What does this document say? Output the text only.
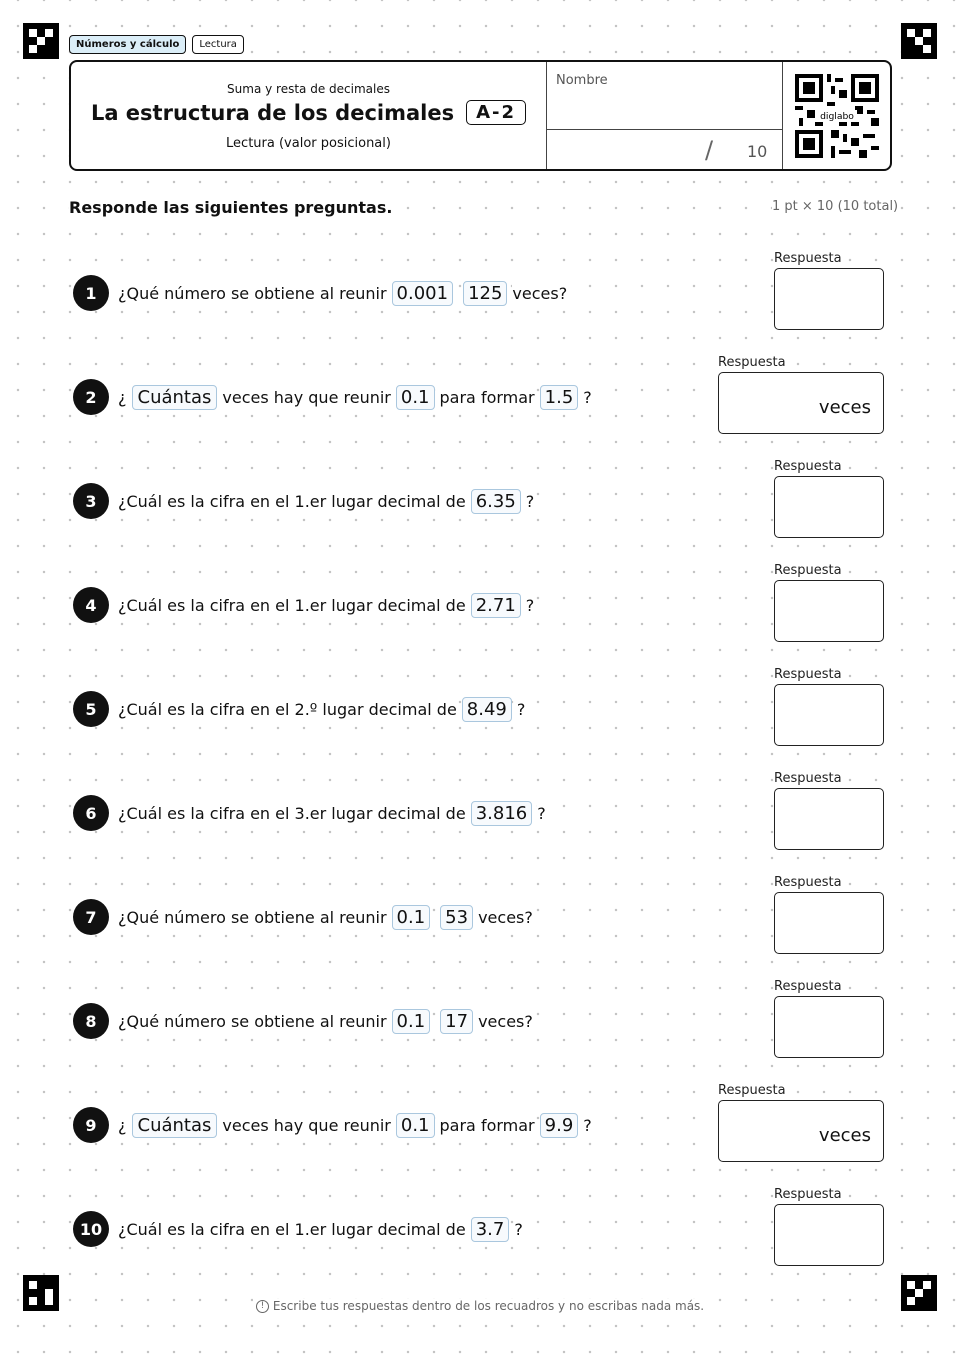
Números y cálculo	Lectura
Suma y resta de decimales
La estructura de los decimales	A-2
Lectura (valor posicional)
Nombre
/ 10
diglabo
Responde las siguientes preguntas.	1 pt × 10 (10 total)
1	¿Qué número se obtiene al reunir 0.001 125 veces?
Respuesta
2	¿ Cuántas veces hay que reunir 0.1 para formar 1.5 ?
Respuesta
veces
3	¿Cuál es la cifra en el 1.er lugar decimal de 6.35 ?
Respuesta
4	¿Cuál es la cifra en el 1.er lugar decimal de 2.71 ?
Respuesta
5	¿Cuál es la cifra en el 2.º lugar decimal de 8.49 ?
Respuesta
6	¿Cuál es la cifra en el 3.er lugar decimal de 3.816 ?
Respuesta
7	¿Qué número se obtiene al reunir 0.1 53 veces?
Respuesta
8	¿Qué número se obtiene al reunir 0.1 17 veces?
Respuesta
9	¿ Cuántas veces hay que reunir 0.1 para formar 9.9 ?
Respuesta
veces
10 ¿Cuál es la cifra en el 1.er lugar decimal de 3.7 ?
Respuesta
! Escribe tus respuestas dentro de los recuadros y no escribas nada más.
